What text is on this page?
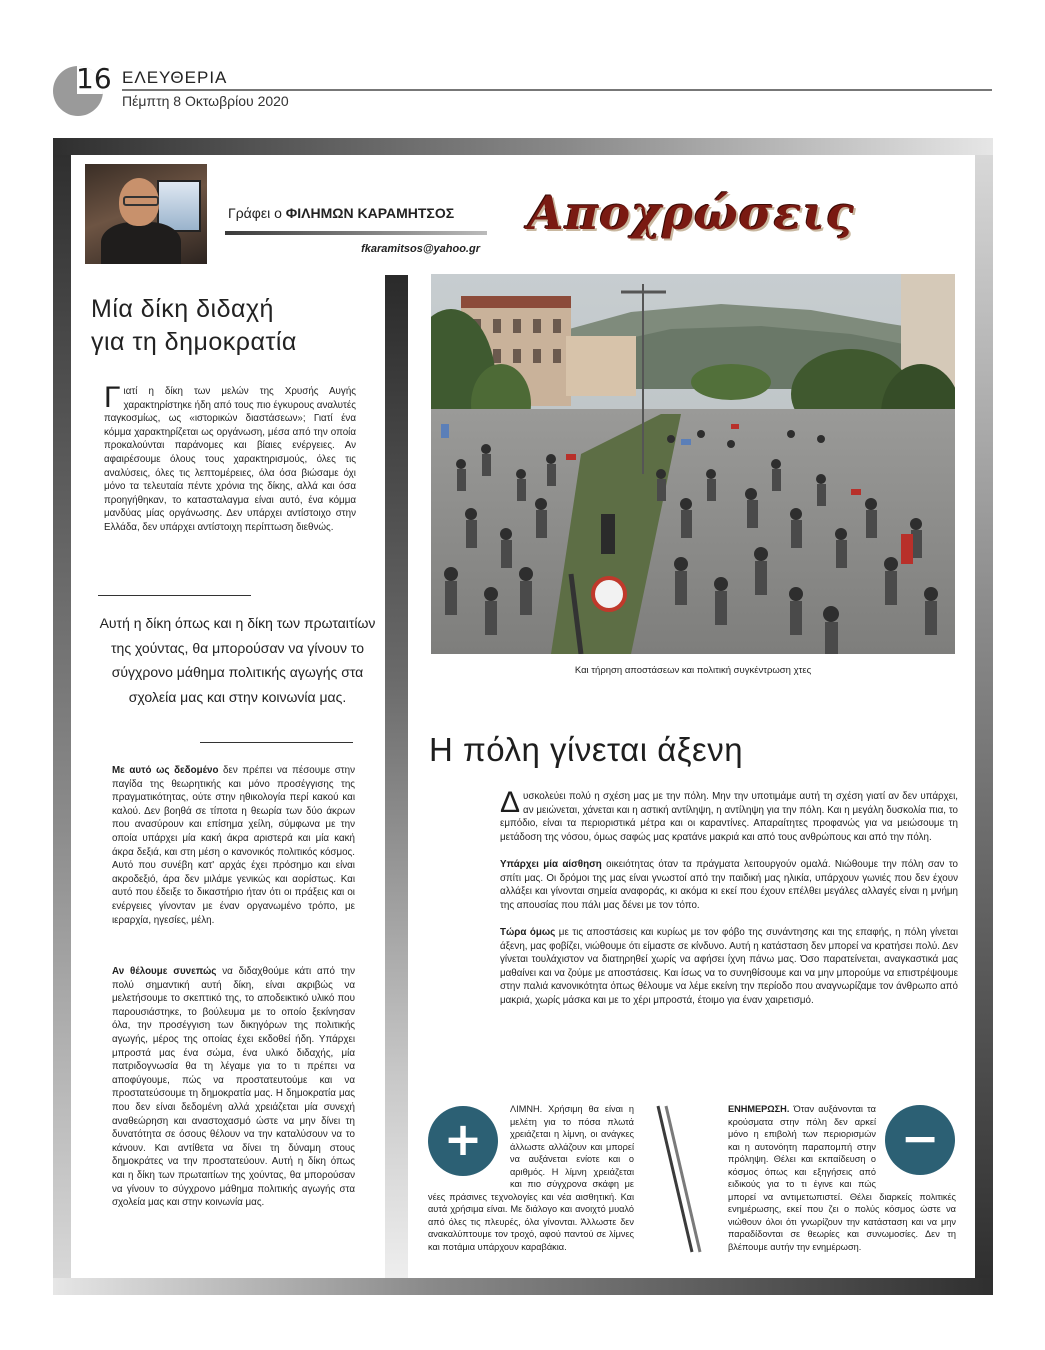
16 ΕΛΕΥΘΕΡΙΑ
Πέμπτη 8 Οκτωβρίου 2020
Γράφει ο ΦΙΛΗΜΩΝ ΚΑΡΑΜΗΤΣΟΣ
fkaramitsos@yahoo.gr
Αποχρώσεις
Μία δίκη διδαχή
για τη δημοκρατία
Γιατί η δίκη των μελών της Χρυσής Αυγής χαρακτηρίστηκε ήδη από τους πιο έγκυρους αναλυτές παγκοσμίως, ως «ιστορικών διαστάσεων»; Γιατί ένα κόμμα χαρακτηρίζεται ως οργάνωση, μέσα από την οποία προκαλούνται παράνομες και βίαιες ενέργειες. Αν αφαιρέσουμε όλους τους χαρακτηρισμούς, όλες τις αναλύσεις, όλες τις λεπτομέρειες, όλα όσα βιώσαμε όχι μόνο τα τελευταία πέντε χρόνια της δίκης, αλλά και όσα προηγήθηκαν, το κατασταλαγμα είναι αυτό, ένα κόμμα μανδύας μίας οργάνωσης. Δεν υπάρχει αντίστοιχο στην Ελλάδα, δεν υπάρχει αντίστοιχη περίπτωση διεθνώς.
Αυτή η δίκη όπως και η δίκη των πρωταιτίων της χούντας, θα μπορούσαν να γίνουν το σύγχρονο μάθημα πολιτικής αγωγής στα σχολεία μας και στην κοινωνία μας.
Με αυτό ως δεδομένο δεν πρέπει να πέσουμε στην παγίδα της θεωρητικής και μόνο προσέγγισης της πραγματικότητας, ούτε στην ηθικολογία περί κακού και καλού. Δεν βοηθά σε τίποτα η θεωρία των δύο άκρων που ανασύρουν και επίσημα χείλη, σύμφωνα με την οποία υπάρχει μία κακή άκρα αριστερά και μία κακή άκρα δεξιά, και στη μέση ο κανονικός πολιτικός κόσμος. Αυτό που συνέβη κατ' αρχάς έχει πρόσημο και είναι ακροδεξιό, άρα δεν μιλάμε γενικώς και αορίστως. Και αυτό που έδειξε το δικαστήριο ήταν ότι οι πράξεις και οι ενέργειες γίνονταν με έναν οργανωμένο τρόπο, με ιεραρχία, ηγεσίες, μέλη.
Αν θέλουμε συνεπώς να διδαχθούμε κάτι από την πολύ σημαντική αυτή δίκη, είναι ακριβώς να μελετήσουμε το σκεπτικό της, το αποδεικτικό υλικό που παρουσιάστηκε, το βούλευμα με το οποίο ξεκίνησαν όλα, την προσέγγιση των δικηγόρων της πολιτικής αγωγής, μέρος της οποίας έχει εκδοθεί ήδη. Υπάρχει μπροστά μας ένα σώμα, ένα υλικό διδαχής, μία πατριδογνωσία θα τη λέγαμε για το τι πρέπει να αποφύγουμε, πώς να προστατευτούμε και να προστατεύσουμε τη δημοκρατία μας. Η δημοκρατία μας που δεν είναι δεδομένη αλλά χρειάζεται μία συνεχή αναθεώρηση και αναστοχασμό ώστε να μην δίνει τη δυνατότητα σε όσους θέλουν να την καταλύσουν να το κάνουν. Και αντίθετα να δίνει τη δύναμη στους δημοκράτες να την προστατεύουν. Αυτή η δίκη όπως και η δίκη των πρωταιτίων της χούντας, θα μπορούσαν να γίνουν το σύγχρονο μάθημα πολιτικής αγωγής στα σχολεία μας και στην κοινωνία μας.
Και τήρηση αποστάσεων και πολιτική συγκέντρωση χτες
Η πόλη γίνεται άξενη

Δυσκολεύει πολύ η σχέση μας με την πόλη. Μην την υποτιμάμε αυτή τη σχέση γιατί αν δεν υπάρχει, αν μειώνεται, χάνεται και η αστική αντίληψη, η αντίληψη για την πόλη. Και η μεγάλη δυσκολία πια, το εμπόδιο, είναι τα περιοριστικά μέτρα και οι καραντίνες. Απαραίτητες προφανώς για να μειώσουμε τη μετάδοση της νόσου, όμως σαφώς μας κρατάνε μακριά και από τους ανθρώπους και από την πόλη.

Υπάρχει μία αίσθηση οικειότητας όταν τα πράγματα λειτουργούν ομαλά. Νιώθουμε την πόλη σαν το σπίτι μας. Οι δρόμοι της μας είναι γνωστοί από την παιδική μας ηλικία, υπάρχουν γωνιές που δεν έχουν αλλάξει και γίνονται σημεία αναφοράς, κι ακόμα κι εκεί που έχουν επέλθει μεγάλες αλλαγές είναι η μνήμη της απουσίας που πάλι μας δένει με τον τόπο.

Τώρα όμως με τις αποστάσεις και κυρίως με τον φόβο της συνάντησης και της επαφής, η πόλη γίνεται άξενη, μας φοβίζει, νιώθουμε ότι είμαστε σε κίνδυνο. Αυτή η κατάσταση δεν μπορεί να κρατήσει πολύ. Δεν γίνεται τουλάχιστον να διατηρηθεί χωρίς να αφήσει ίχνη πάνω μας. Όσο παρατείνεται, αναγκαστικά μας μαθαίνει και να ζούμε με αποστάσεις. Και ίσως να το συνηθίσουμε και να μην μπορούμε να επιστρέψουμε στην παλιά κανονικότητα όπως θέλουμε να λέμε εκείνη την περίοδο που αναγνωρίζαμε τον άνθρωπο από μακριά, χωρίς μάσκα και με το χέρι μπροστά, έτοιμο για έναν χαιρετισμό.

ΛΙΜΝΗ. Χρήσιμη θα είναι η μελέτη για το πόσα πλωτά χρειάζεται η λίμνη, οι ανάγκες άλλωστε αλλάζουν και μπορεί να αυξάνεται ενίοτε και ο αριθμός. Η λίμνη χρειάζεται και πιο σύγχρονα σκάφη με νέες πράσινες τεχνολογίες και νέα αισθητική. Και αυτά χρήσιμα είναι. Με διάλογο και ανοιχτό μυαλό από όλες τις πλευρές, όλα γίνονται. Άλλωστε δεν ανακαλύπτουμε τον τροχό, αφού παντού σε λίμνες και ποτάμια υπάρχουν καραβάκια.
+
ΕΝΗΜΕΡΩΣΗ. Όταν αυξάνονται τα κρούσματα στην πόλη δεν αρκεί μόνο η επιβολή των περιορισμών και η αυτονόητη παραπομπή στην πρόληψη. Θέλει και εκπαίδευση ο κόσμος όπως και εξηγήσεις από ειδικούς για το τι έγινε και πώς μπορεί να αντιμετωπιστεί. Θέλει διαρκείς πολιτικές ενημέρωσης, εκεί που ζει ο πολύς κόσμος ώστε να νιώθουν όλοι ότι γνωρίζουν την κατάσταση και να μην παραδίδονται σε θεωρίες και συνωμοσίες. Δεν τη βλέπουμε αυτήν την ενημέρωση.
−
